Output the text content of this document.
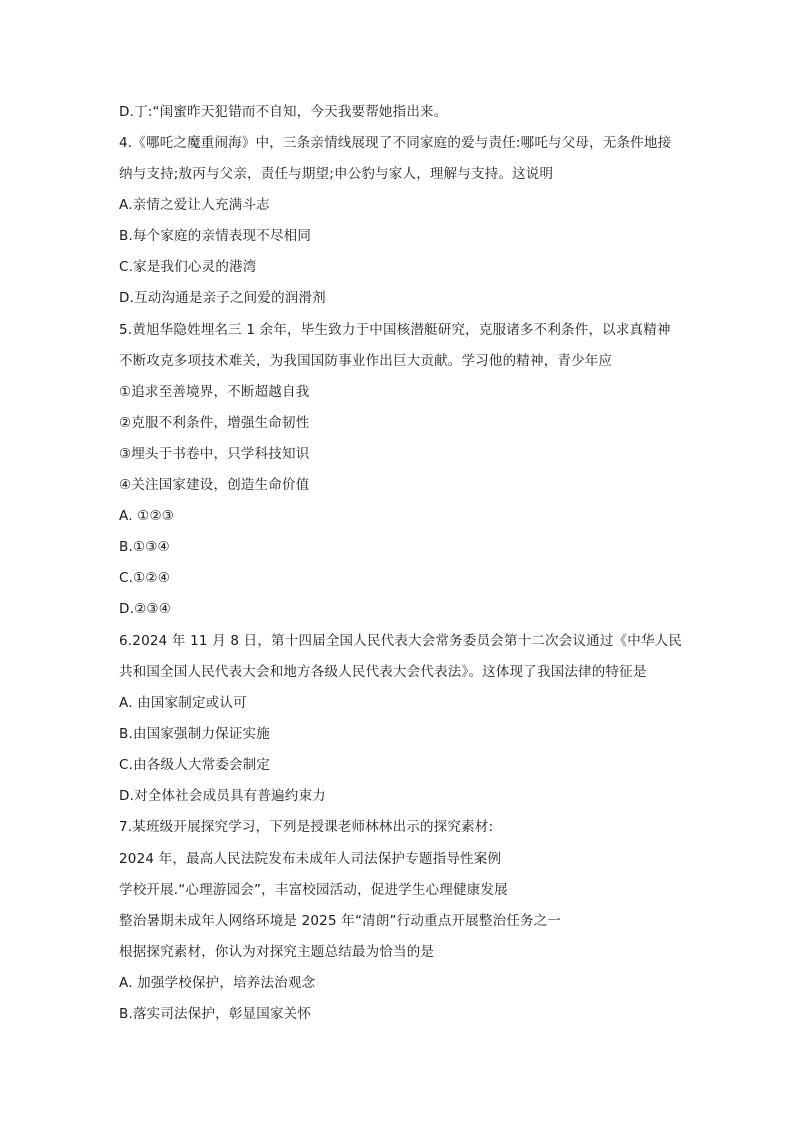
D.丁:“闺蜜昨天犯错而不自知，今天我要帮她指出来。
4.《哪吒之魔重闹海》中，三条亲情线展现了不同家庭的爱与责任:哪吒与父母，无条件地接
纳与支持;敖丙与父亲，责任与期望;申公豹与家人，理解与支持。这说明
A.亲情之爱让人充满斗志
B.每个家庭的亲情表现不尽相同
C.家是我们心灵的港湾
D.互动沟通是亲子之间爱的润滑剂
5.黄旭华隐姓埋名三 1 余年，毕生致力于中国核潜艇研究，克服诸多不利条件，以求真精神
不断攻克多项技术难关，为我国国防事业作出巨大贡献。学习他的精神，青少年应
①追求至善境界，不断超越自我
②克服不利条件，增强生命韧性
③埋头于书卷中，只学科技知识
④关注国家建设，创造生命价值
A. ①②③
B.①③④
C.①②④
D.②③④
6.2024 年 11 月 8 日，第十四届全国人民代表大会常务委员会第十二次会议通过《中华人民
共和国全国人民代表大会和地方各级人民代表大会代表法》。这体现了我国法律的特征是
A. 由国家制定或认可
B.由国家强制力保证实施
C.由各级人大常委会制定
D.对全体社会成员具有普遍约束力
7.某班级开展探究学习，下列是授课老师林林出示的探究素材:
2024 年，最高人民法院发布未成年人司法保护专题指导性案例
学校开展.“心理游园会”，丰富校园活动，促进学生心理健康发展
整治暑期未成年人网络环境是 2025 年“清朗”行动重点开展整治任务之一
根据探究素材，你认为对探究主题总结最为恰当的是
A. 加强学校保护，培养法治观念
B.落实司法保护，彰显国家关怀
